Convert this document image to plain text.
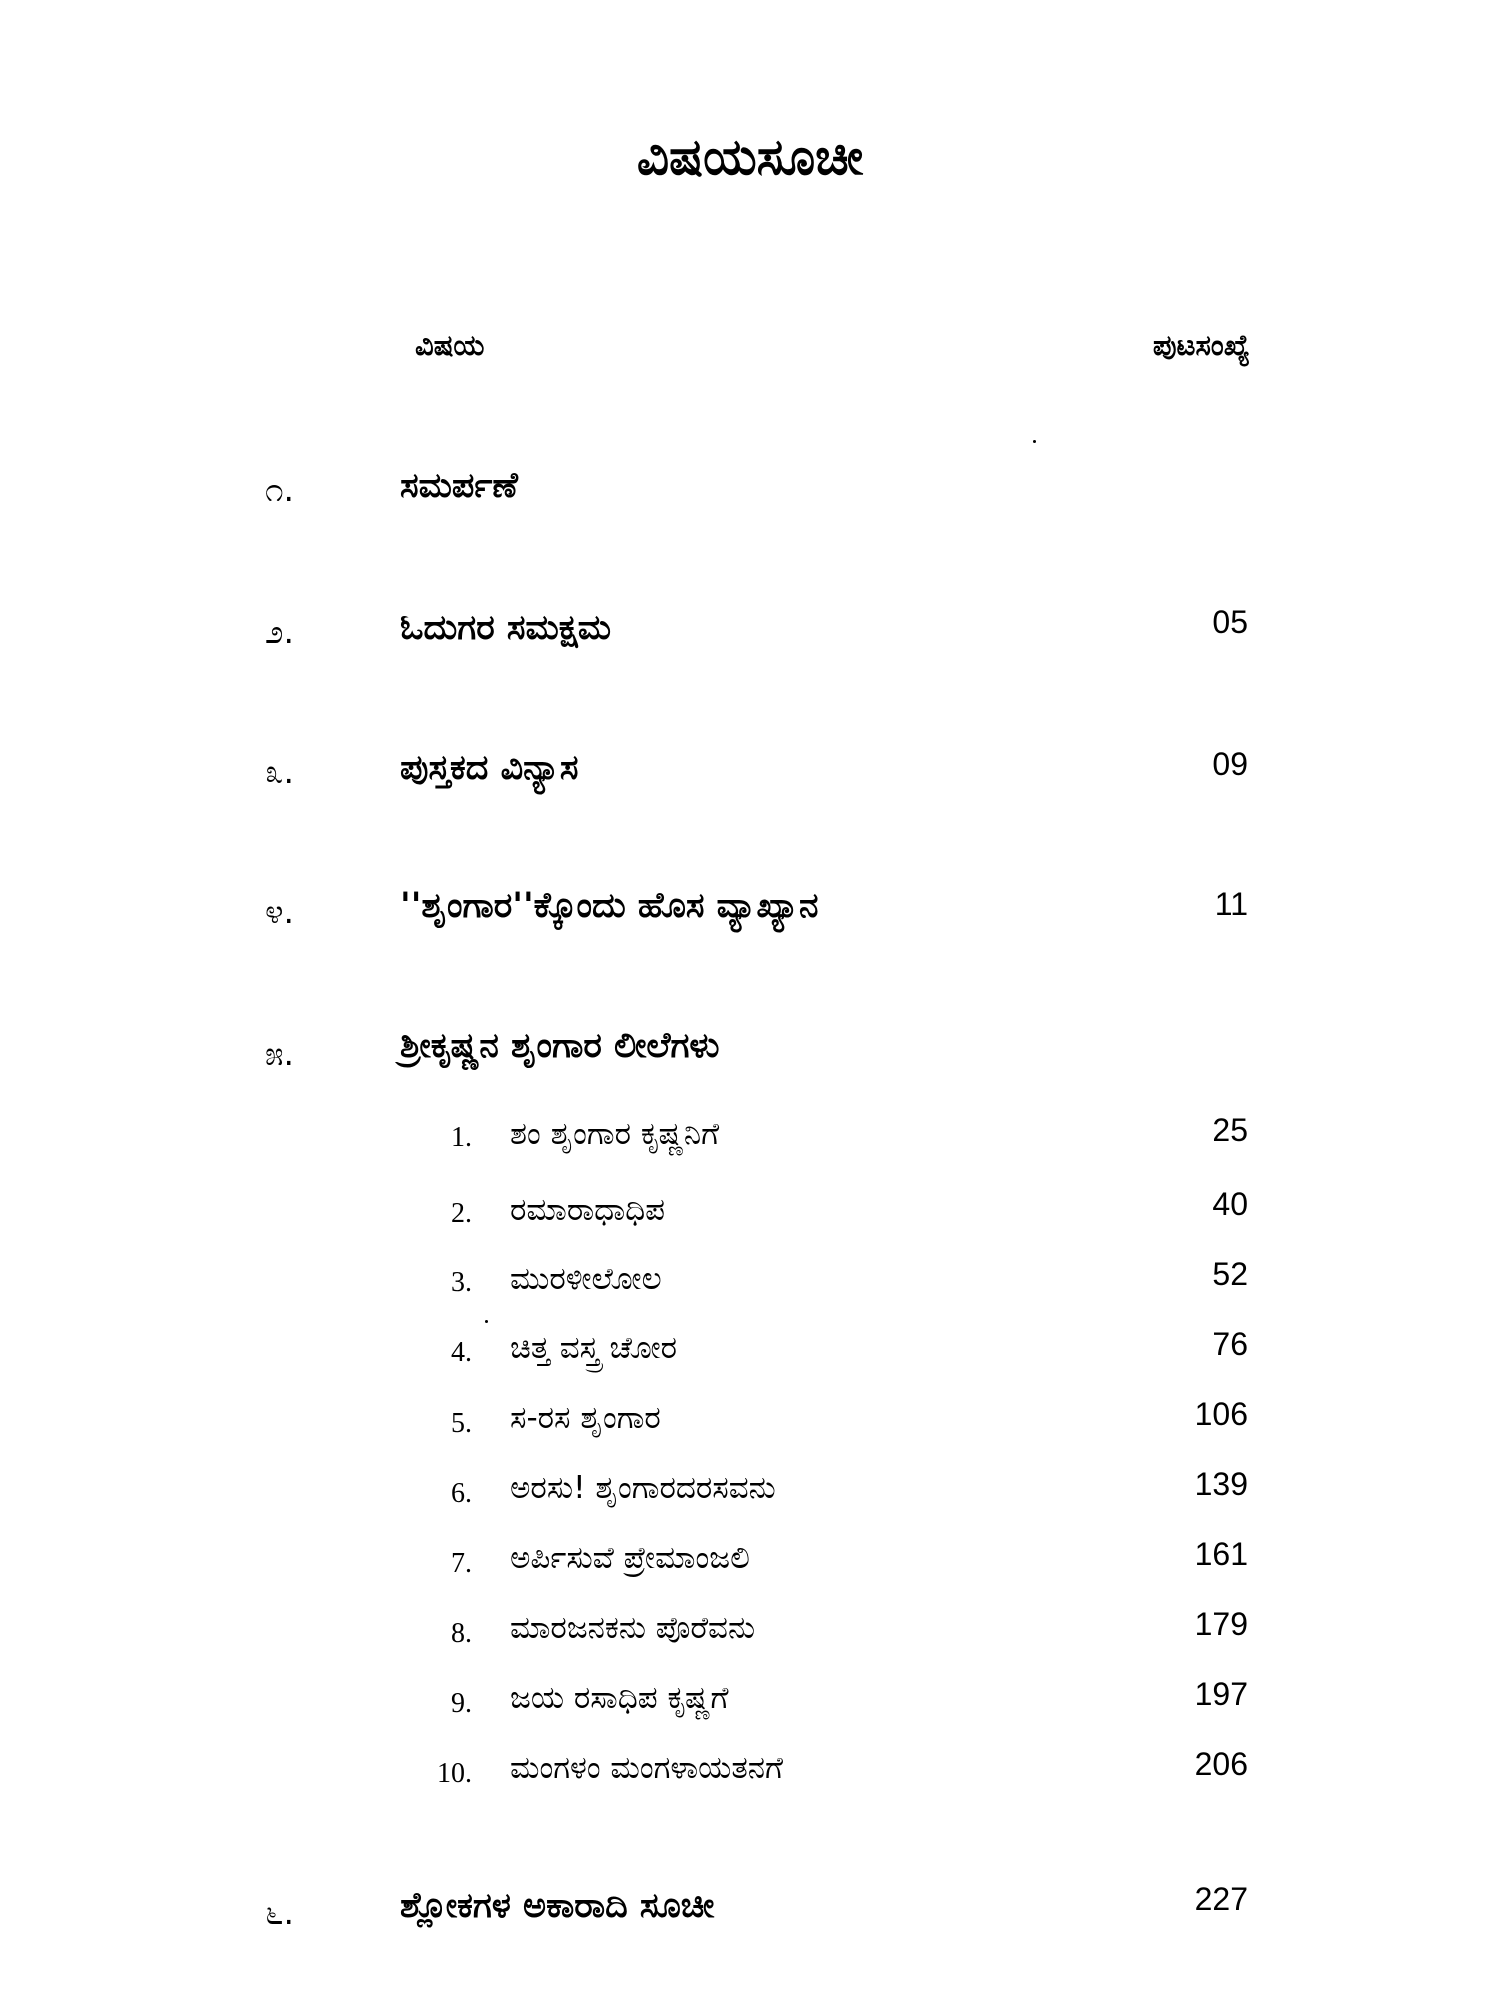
ವಿಷಯಸೂಚೀ
ವಿಷಯ	ಪುಟಸಂಖ್ಯೆ
೧.	ಸಮರ್ಪಣೆ
೨.	ಓದುಗರ ಸಮಕ್ಷಮ	05
೩.	ಪುಸ್ತಕದ ವಿನ್ಯಾಸ	09
೪.	''ಶೃಂಗಾರ''ಕ್ಕೊಂದು ಹೊಸ ವ್ಯಾಖ್ಯಾನ	11
೫.	ಶ್ರೀಕೃಷ್ಣನ ಶೃಂಗಾರ ಲೀಲೆಗಳು
1. ಶಂ ಶೃಂಗಾರ ಕೃಷ್ಣನಿಗೆ	25
2. ರಮಾರಾಧಾಧಿಪ	40
3. ಮುರಳೀಲೋಲ	52
4. ಚಿತ್ತ ವಸ್ತ್ರ ಚೋರ	76
5. ಸ-ರಸ ಶೃಂಗಾರ	106
6. ಅರಸು! ಶೃಂಗಾರದರಸವನು	139
7. ಅರ್ಪಿಸುವೆ ಪ್ರೇಮಾಂಜಲಿ	161
8. ಮಾರಜನಕನು ಪೊರೆವನು	179
9. ಜಯ ರಸಾಧಿಪ ಕೃಷ್ಣಗೆ	197
10. ಮಂಗಳಂ ಮಂಗಳಾಯತನಗೆ	206
೬.	ಶ್ಲೋಕಗಳ ಅಕಾರಾದಿ ಸೂಚೀ	227
